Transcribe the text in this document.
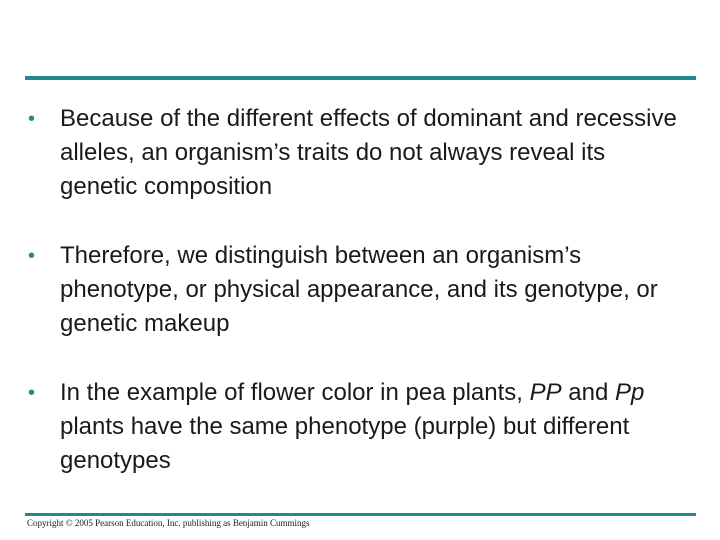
• Because of the different effects of dominant and recessive alleles, an organism’s traits do not always reveal its genetic composition
• Therefore, we distinguish between an organism’s phenotype, or physical appearance, and its genotype, or genetic makeup
• In the example of flower color in pea plants, PP and Pp plants have the same phenotype (purple) but different genotypes
Copyright © 2005 Pearson Education, Inc. publishing as Benjamin Cummings
